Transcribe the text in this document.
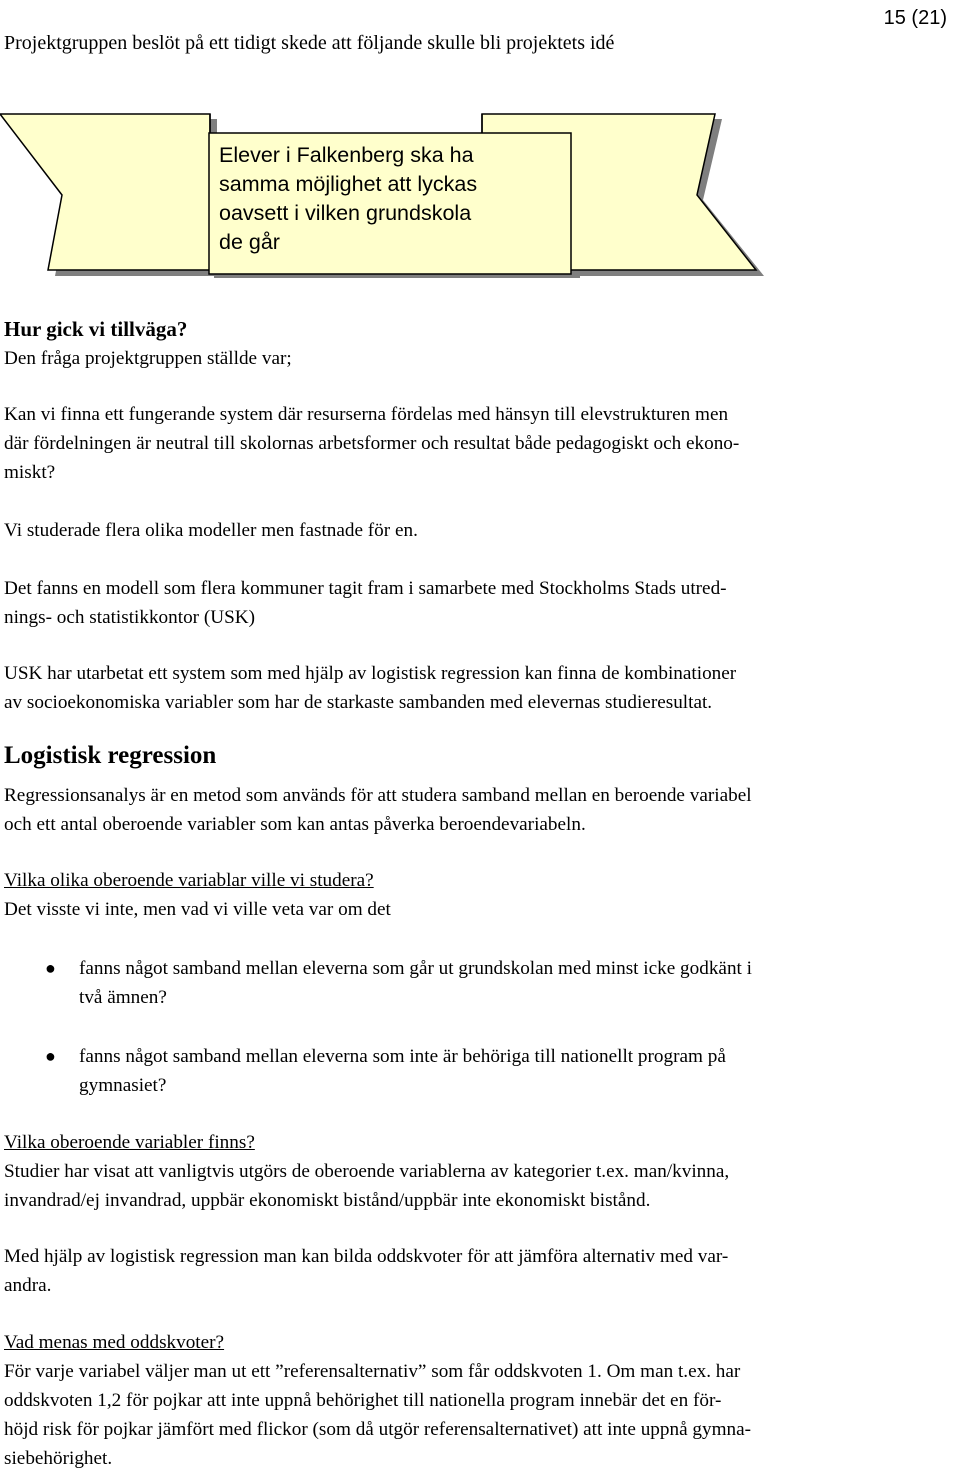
Projektgruppen beslöt på ett tidigt skede att följande skulle bli projektets idé
15 (21)
Elever i Falkenberg ska ha
samma möjlighet att lyckas
oavsett i vilken grundskola
de går
Hur gick vi tillväga?
Den fråga projektgruppen ställde var;
Kan vi finna ett fungerande system där resurserna fördelas med hänsyn till elevstrukturen men
där fördelningen är neutral till skolornas arbetsformer och resultat både pedagogiskt och ekono-
miskt?
Vi studerade flera olika modeller men fastnade för en.
Det fanns en modell som flera kommuner tagit fram i samarbete med Stockholms Stads utred-
nings- och statistikkontor (USK)
USK har utarbetat ett system som med hjälp av logistisk regression kan finna de kombinationer
av socioekonomiska variabler som har de starkaste sambanden med elevernas studieresultat.
Logistisk regression
Regressionsanalys är en metod som används för att studera samband mellan en beroende variabel
och ett antal oberoende variabler som kan antas påverka beroendevariabeln.
Vilka olika oberoende variablar ville vi studera?
Det visste vi inte, men vad vi ville veta var om det
● fanns något samband mellan eleverna som går ut grundskolan med minst icke godkänt i
två ämnen?
● fanns något samband mellan eleverna som inte är behöriga till nationellt program på
gymnasiet?
Vilka oberoende variabler finns?
Studier har visat att vanligtvis utgörs de oberoende variablerna av kategorier t.ex. man/kvinna,
invandrad/ej invandrad, uppbär ekonomiskt bistånd/uppbär inte ekonomiskt bistånd.
Med hjälp av logistisk regression man kan bilda oddskvoter för att jämföra alternativ med var-
andra.
Vad menas med oddskvoter?
För varje variabel väljer man ut ett ”referensalternativ” som får oddskvoten 1. Om man t.ex. har
oddskvoten 1,2 för pojkar att inte uppnå behörighet till nationella program innebär det en för-
höjd risk för pojkar jämfört med flickor (som då utgör referensalternativet) att inte uppnå gymna-
siebehörighet.
